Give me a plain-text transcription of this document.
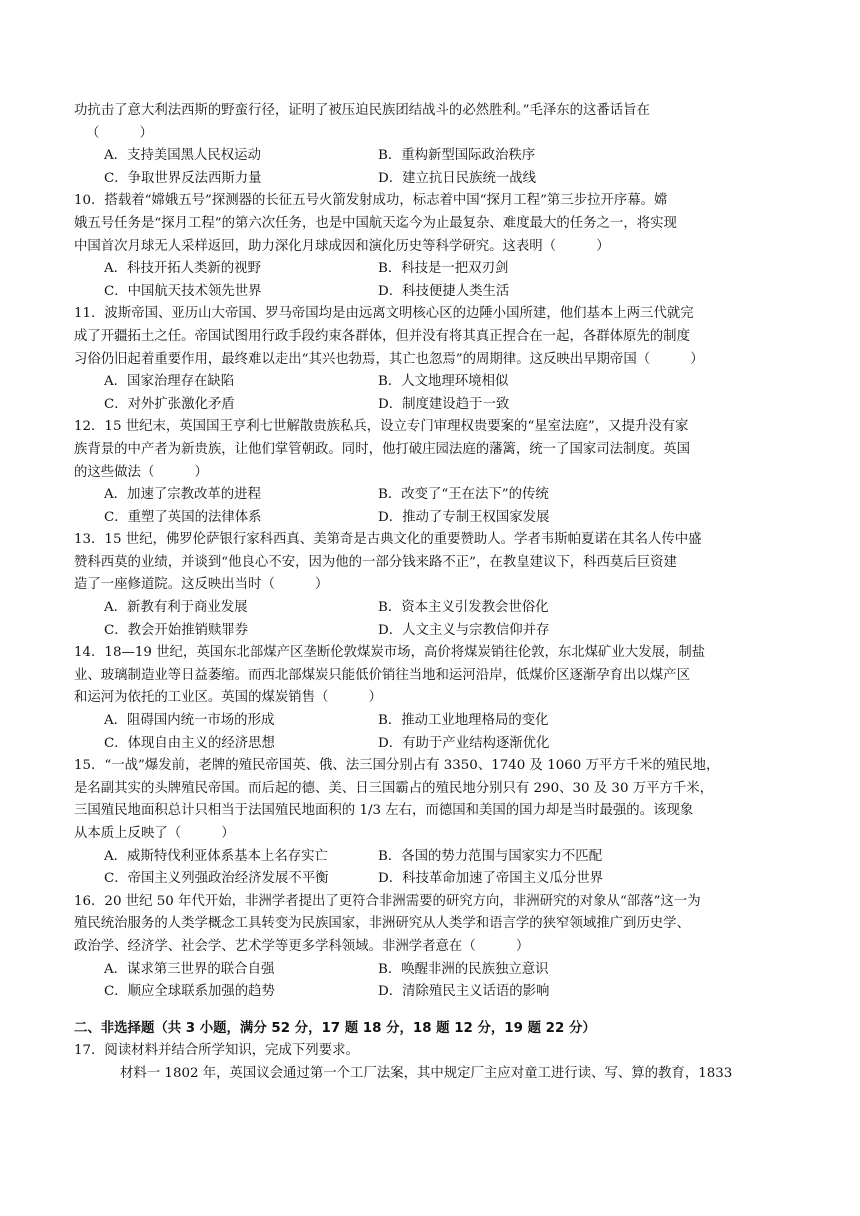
功抗击了意大利法西斯的野蛮行径，证明了被压迫民族团结战斗的必然胜利。”毛泽东的这番话旨在
（　　　）
A．支持美国黑人民权运动	B．重构新型国际政治秩序
C．争取世界反法西斯力量	D．建立抗日民族统一战线
10．搭载着“嫦娥五号”探测器的长征五号火箭发射成功，标志着中国“探月工程”第三步拉开序幕。嫦
娥五号任务是“探月工程”的第六次任务，也是中国航天迄今为止最复杂、难度最大的任务之一，将实现
中国首次月球无人采样返回，助力深化月球成因和演化历史等科学研究。这表明（　　　）
A．科技开拓人类新的视野	B．科技是一把双刃剑
C．中国航天技术领先世界	D．科技便捷人类生活
11．波斯帝国、亚历山大帝国、罗马帝国均是由远离文明核心区的边陲小国所建，他们基本上两三代就完
成了开疆拓土之任。帝国试图用行政手段约束各群体，但并没有将其真正捏合在一起，各群体原先的制度
习俗仍旧起着重要作用，最终难以走出“其兴也勃焉，其亡也忽焉”的周期律。这反映出早期帝国（　　　）
A．国家治理存在缺陷	B．人文地理环境相似
C．对外扩张激化矛盾	D．制度建设趋于一致
12．15 世纪末，英国国王亨利七世解散贵族私兵，设立专门审理权贵要案的“星室法庭”，又提升没有家
族背景的中产者为新贵族，让他们掌管朝政。同时，他打破庄园法庭的藩篱，统一了国家司法制度。英国
的这些做法（　　　）
A．加速了宗教改革的进程	B．改变了“王在法下”的传统
C．重塑了英国的法律体系	D．推动了专制王权国家发展
13．15 世纪，佛罗伦萨银行家科西真、美第奇是古典文化的重要赞助人。学者韦斯帕夏诺在其名人传中盛
赞科西莫的业绩，并谈到“他良心不安，因为他的一部分钱来路不正”，在教皇建议下，科西莫后巨资建
造了一座修道院。这反映出当时（　　　）
A．新教有利于商业发展	B．资本主义引发教会世俗化
C．教会开始推销赎罪券	D．人文主义与宗教信仰并存
14．18—19 世纪，英国东北部煤产区垄断伦敦煤炭市场，高价将煤炭销往伦敦，东北煤矿业大发展，制盐
业、玻璃制造业等日益萎缩。而西北部煤炭只能低价销往当地和运河沿岸，低煤价区逐渐孕育出以煤产区
和运河为依托的工业区。英国的煤炭销售（　　　）
A．阻碍国内统一市场的形成	B．推动工业地理格局的变化
C．体现自由主义的经济思想	D．有助于产业结构逐渐优化
15．“一战”爆发前，老牌的殖民帝国英、俄、法三国分别占有 3350、1740 及 1060 万平方千米的殖民地，
是名副其实的头牌殖民帝国。而后起的德、美、日三国霸占的殖民地分别只有 290、30 及 30 万平方千米，
三国殖民地面积总计只相当于法国殖民地面积的 1/3 左右，而德国和美国的国力却是当时最强的。该现象
从本质上反映了（　　　）
A．威斯特伐利亚体系基本上名存实亡	B．各国的势力范围与国家实力不匹配
C．帝国主义列强政治经济发展不平衡	D．科技革命加速了帝国主义瓜分世界
16．20 世纪 50 年代开始，非洲学者提出了更符合非洲需要的研究方向，非洲研究的对象从“部落”这一为
殖民统治服务的人类学概念工具转变为民族国家，非洲研究从人类学和语言学的狭窄领域推广到历史学、
政治学、经济学、社会学、艺术学等更多学科领域。非洲学者意在（　　　）
A．谋求第三世界的联合自强	B．唤醒非洲的民族独立意识
C．顺应全球联系加强的趋势	D．清除殖民主义话语的影响
二、非选择题（共 3 小题，满分 52 分，17 题 18 分，18 题 12 分，19 题 22 分）
17．阅读材料并结合所学知识，完成下列要求。
材料一 1802 年，英国议会通过第一个工厂法案，其中规定厂主应对童工进行读、写、算的教育，1833
